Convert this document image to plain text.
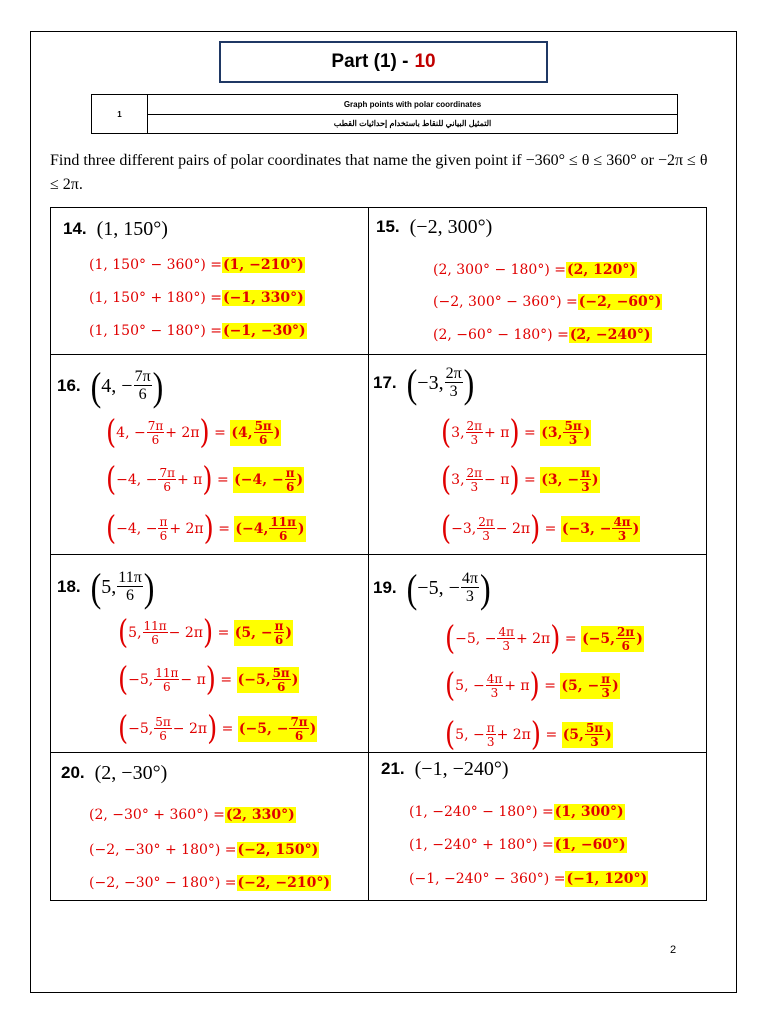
Part (1) - 10
1
Graph points with polar coordinates
التمثيل البياني للنقاط باستخدام إحداثيات القطب
Find three different pairs of polar coordinates that name the given point if −360° ≤ θ ≤ 360° or −2π ≤ θ ≤ 2π.
14. (1, 150°)
(1, 150° − 360°) = (1, −210°)
(1, 150° + 180°) = (−1, 330°)
(1, 150° − 180°) = (−1, −30°)
15. (−2, 300°)
(2, 300° − 180°) = (2, 120°)
(−2, 300° − 360°) = (−2, −60°)
(2, −60° − 180°) = (2, −240°)
16. ( 4, − $\frac{7\pi}{6}$ )
( 4, − $\frac{7\pi}{6} + 2\pi$ ) = (4, $\frac{5\pi}{6}$ )
( −4, − $\frac{7\pi}{6} + \pi$ ) = (−4, − $\frac{\pi}{6}$ )
( −4, − $\frac{\pi}{6} + 2\pi$ ) = (−4, $\frac{11\pi}{6}$ )
17. ( −3, $\frac{2\pi}{3}$ )
( 3, $\frac{2\pi}{3} + \pi$ ) = (3, $\frac{5\pi}{3}$ )
( 3, $\frac{2\pi}{3} - \pi$ ) = (3, − $\frac{\pi}{3}$ )
( −3, $\frac{2\pi}{3} - 2\pi$ ) = (−3, − $\frac{4\pi}{3}$ )
18. ( 5, $\frac{11\pi}{6}$ )
( 5, $\frac{11\pi}{6} - 2\pi$ ) = (5, − $\frac{\pi}{6}$ )
( −5, $\frac{11\pi}{6} - \pi$ ) = (−5, $\frac{5\pi}{6}$ )
( −5, $\frac{5\pi}{6} - 2\pi$ ) = (−5, − $\frac{7\pi}{6}$ )
19. ( −5, − $\frac{4\pi}{3}$ )
( −5, − $\frac{4\pi}{3} + 2\pi$ ) = (−5, $\frac{2\pi}{6}$ )
( 5, − $\frac{4\pi}{3} + \pi$ ) = (5, − $\frac{\pi}{3}$ )
( 5, − $\frac{\pi}{3} + 2\pi$ ) = (5, $\frac{5\pi}{3}$ )
20. (2, −30°)
(2, −30° + 360°) = (2, 330°)
(−2, −30° + 180°) = (−2, 150°)
(−2, −30° − 180°) = (−2, −210°)
21. (−1, −240°)
(1, −240° − 180°) = (1, 300°)
(1, −240° + 180°) = (1, −60°)
(−1, −240° − 360°) = (−1, 120°)
2
